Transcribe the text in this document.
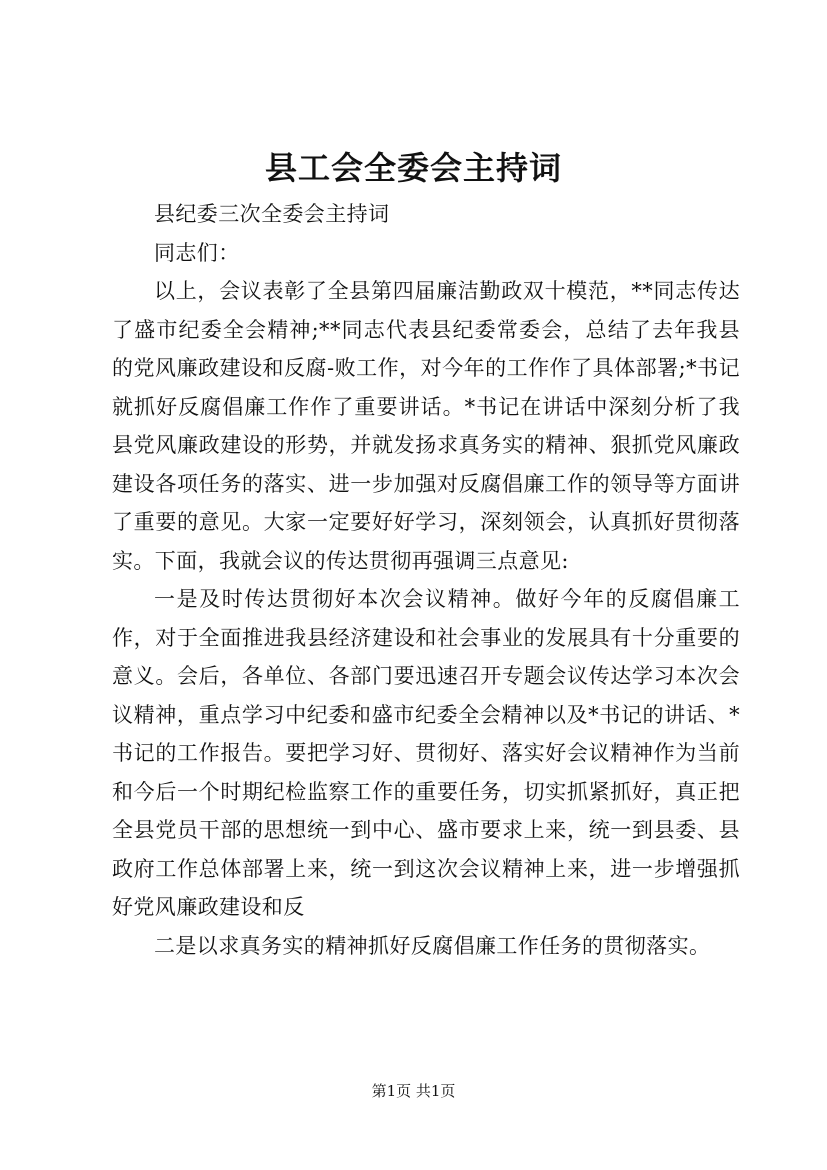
县工会全委会主持词

县纪委三次全委会主持词

同志们：

以上，会议表彰了全县第四届廉洁勤政双十模范，**同志传达了盛市纪委全会精神;**同志代表县纪委常委会，总结了去年我县的党风廉政建设和反腐-败工作，对今年的工作作了具体部署;*书记就抓好反腐倡廉工作作了重要讲话。*书记在讲话中深刻分析了我县党风廉政建设的形势，并就发扬求真务实的精神、狠抓党风廉政建设各项任务的落实、进一步加强对反腐倡廉工作的领导等方面讲了重要的意见。大家一定要好好学习，深刻领会，认真抓好贯彻落实。下面，我就会议的传达贯彻再强调三点意见:

一是及时传达贯彻好本次会议精神。做好今年的反腐倡廉工作，对于全面推进我县经济建设和社会事业的发展具有十分重要的意义。会后，各单位、各部门要迅速召开专题会议传达学习本次会议精神，重点学习中纪委和盛市纪委全会精神以及*书记的讲话、*书记的工作报告。要把学习好、贯彻好、落实好会议精神作为当前和今后一个时期纪检监察工作的重要任务，切实抓紧抓好，真正把全县党员干部的思想统一到中心、盛市要求上来，统一到县委、县政府工作总体部署上来，统一到这次会议精神上来，进一步增强抓好党风廉政建设和反

二是以求真务实的精神抓好反腐倡廉工作任务的贯彻落实。

第1页 共1页
